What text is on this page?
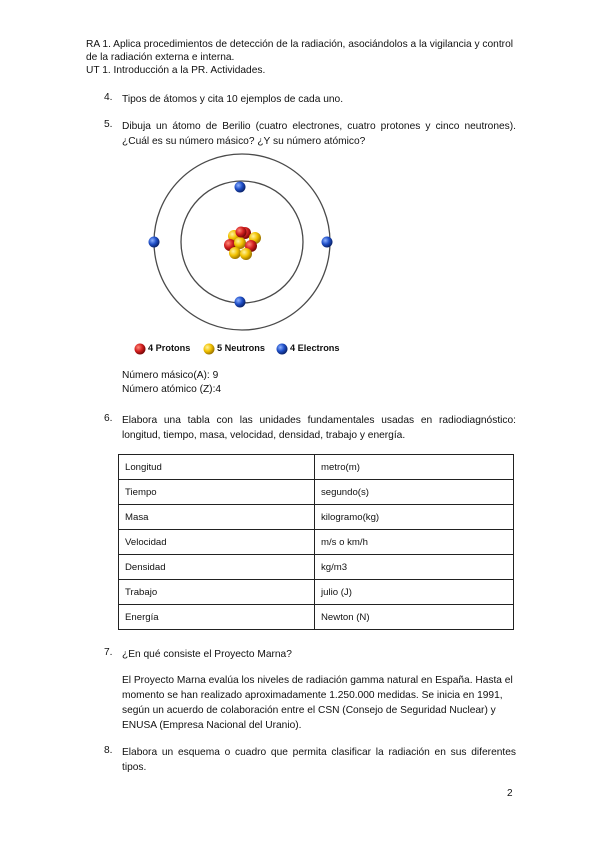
RA 1. Aplica procedimientos de detección de la radiación, asociándolos a la vigilancia y control
de la radiación externa e interna.
UT 1. Introducción a la PR. Actividades.
4. Tipos de átomos y cita 10 ejemplos de cada uno.
5. Dibuja un átomo de Berilio (cuatro electrones, cuatro protones y cinco neutrones).
¿Cuál es su número másico? ¿Y su número atómico?
4 Protons	5 Neutrons	4 Electrons
Número másico(A): 9
Número atómico (Z):4
6. Elabora una tabla con las unidades fundamentales usadas en radiodiagnóstico:
longitud, tiempo, masa, velocidad, densidad, trabajo y energía.
Longitud	metro(m)
Tiempo	segundo(s)
Masa	kilogramo(kg)
Velocidad	m/s o km/h
Densidad	kg/m3
Trabajo	julio (J)
Energía	Newton (N)
7. ¿En qué consiste el Proyecto Marna?
El Proyecto Marna evalúa los niveles de radiación gamma natural en España. Hasta el
momento se han realizado aproximadamente 1.250.000 medidas. Se inicia en 1991,
según un acuerdo de colaboración entre el CSN (Consejo de Seguridad Nuclear) y
ENUSA (Empresa Nacional del Uranio).
8. Elabora un esquema o cuadro que permita clasificar la radiación en sus diferentes
tipos.
2
